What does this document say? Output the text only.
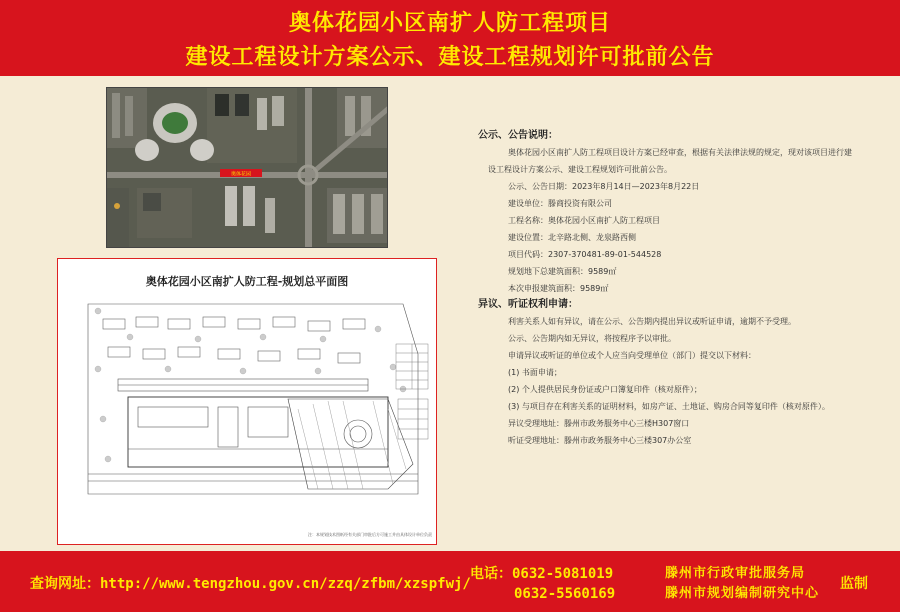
奥体花园小区南扩人防工程项目
建设工程设计方案公示、建设工程规划许可批前公告
奥体花园
奥体花园小区南扩人防工程-规划总平面图
注：本规划技术图纸经有关部门审批后方可施工并由具体设计单位负责
公示、公告说明：
奥体花园小区南扩人防工程项目设计方案已经审查，根据有关法律法规的规定，现对该项目进行建设工程设计方案公示、建设工程规划许可批前公告。
公示、公告日期：2023年8月14日—2023年8月22日
建设单位：滕商投资有限公司
工程名称：奥体花园小区南扩人防工程项目
建设位置：北辛路北侧、龙泉路西侧
项目代码：2307-370481-89-01-544528
规划地下总建筑面积：9589㎡
本次申报建筑面积：9589㎡
异议、听证权利申请：
利害关系人如有异议，请在公示、公告期内提出异议或听证申请，逾期不予受理。
公示、公告期内如无异议，将按程序予以审批。
申请异议或听证的单位或个人应当向受理单位（部门）提交以下材料：
(1) 书面申请；
(2) 个人提供居民身份证或户口簿复印件（核对原件）；
(3) 与项目存在利害关系的证明材料，如房产证、土地证、购房合同等复印件（核对原件）。
异议受理地址：滕州市政务服务中心三楼H307窗口
听证受理地址：滕州市政务服务中心三楼307办公室
查询网址：http://www.tengzhou.gov.cn/zzq/zfbm/xzspfwj/
电话：0632-5081019
0632-5560169
滕州市行政审批服务局
滕州市规划编制研究中心
监制
